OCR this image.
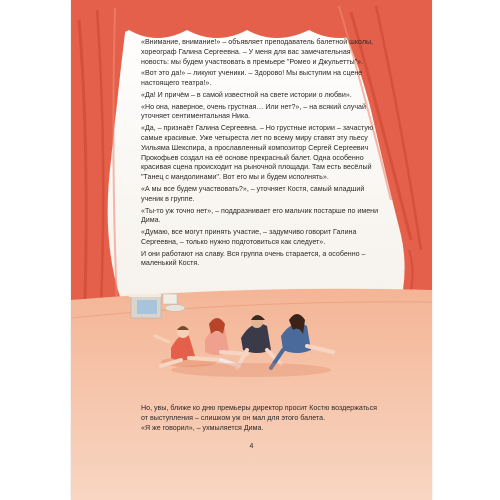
«Внимание, внимание!» – объявляет преподаватель балетной школы, хореограф Галина Сергеевна. – У меня для вас замечательная новость: мы будем участвовать в премьере "Ромео и Джульетты"».

«Вот это да!» – ликуют ученики. – Здорово! Мы выступим на сцене настоящего театра!».

«Да! И причём – в самой известной на свете истории о любви».

«Но она, наверное, очень грустная… Или нет?», – на всякий случай уточняет сентиментальная Ника.

«Да, – признаёт Галина Сергеевна. – Но грустные истории – зачастую самые красивые. Уже четыреста лет по всему миру ставят эту пьесу Уильяма Шекспира, а прославленный композитор Сергей Сергеевич Прокофьев создал на её основе прекрасный балет. Одна особенно красивая сцена происходит на рыночной площади. Там есть весёлый "Танец с мандолинами". Вот его мы и будем исполнять».

«А мы все будем участвовать?», – уточняет Костя, самый младший ученик в группе.

«Ты-то уж точно нет», – поддразнивает его мальчик постарше по имени Дима.

«Думаю, все могут принять участие, – задумчиво говорит Галина Сергеевна, – только нужно подготовиться как следует».

И они работают на славу. Вся группа очень старается, а особенно – маленький Костя.

Но, увы, ближе ко дню премьеры директор просит Костю воздержаться от выступления – слишком уж он мал для этого балета.

«Я же говорил», – ухмыляется Дима.

4
